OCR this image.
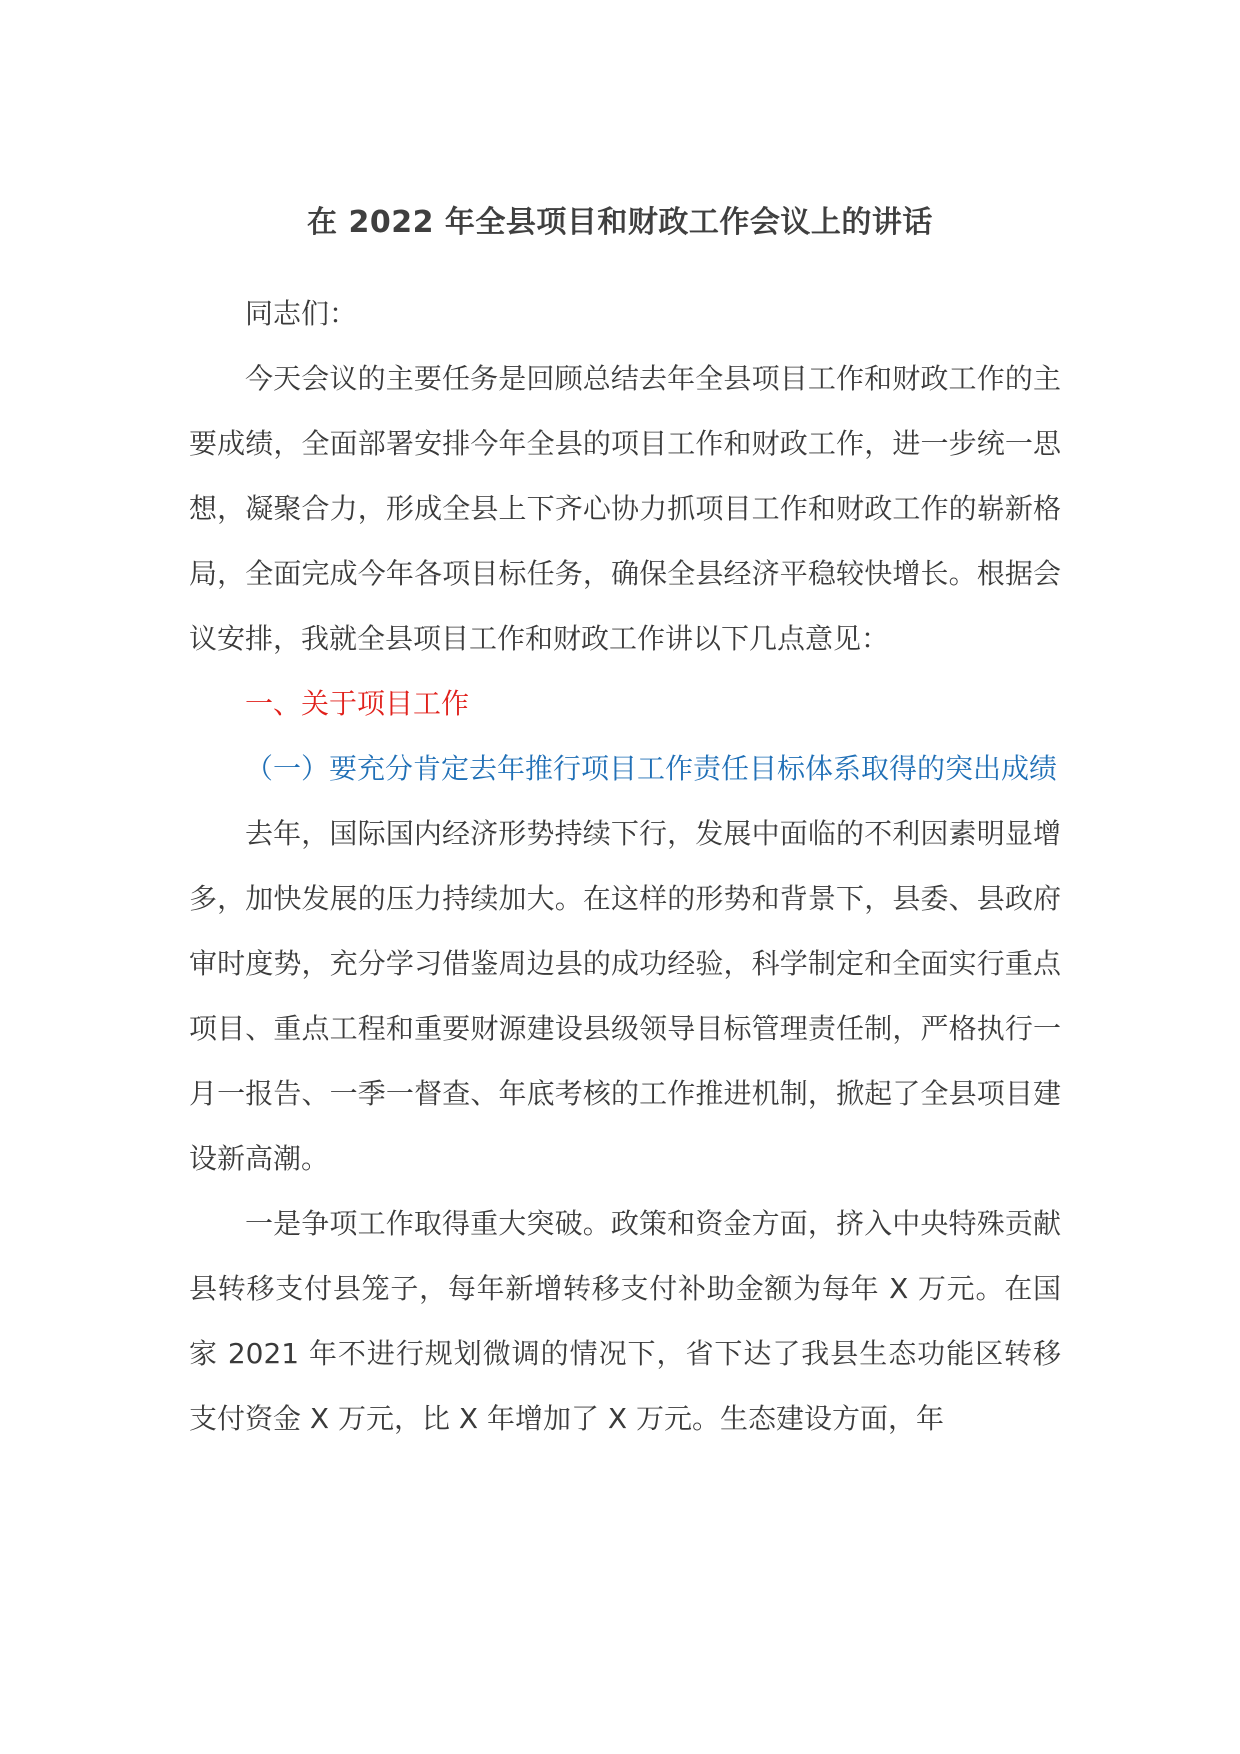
在 2022 年全县项目和财政工作会议上的讲话

同志们：

今天会议的主要任务是回顾总结去年全县项目工作和财政工作的主要成绩，全面部署安排今年全县的项目工作和财政工作，进一步统一思想，凝聚合力，形成全县上下齐心协力抓项目工作和财政工作的崭新格局，全面完成今年各项目标任务，确保全县经济平稳较快增长。根据会议安排，我就全县项目工作和财政工作讲以下几点意见：

一、关于项目工作

（一）要充分肯定去年推行项目工作责任目标体系取得的突出成绩

去年，国际国内经济形势持续下行，发展中面临的不利因素明显增多，加快发展的压力持续加大。在这样的形势和背景下，县委、县政府审时度势，充分学习借鉴周边县的成功经验，科学制定和全面实行重点项目、重点工程和重要财源建设县级领导目标管理责任制，严格执行一月一报告、一季一督查、年底考核的工作推进机制，掀起了全县项目建设新高潮。

一是争项工作取得重大突破。政策和资金方面，挤入中央特殊贡献县转移支付县笼子，每年新增转移支付补助金额为每年 X 万元。在国家 2021 年不进行规划微调的情况下，省下达了我县生态功能区转移支付资金 X 万元，比 X 年增加了 X 万元。生态建设方面，年
